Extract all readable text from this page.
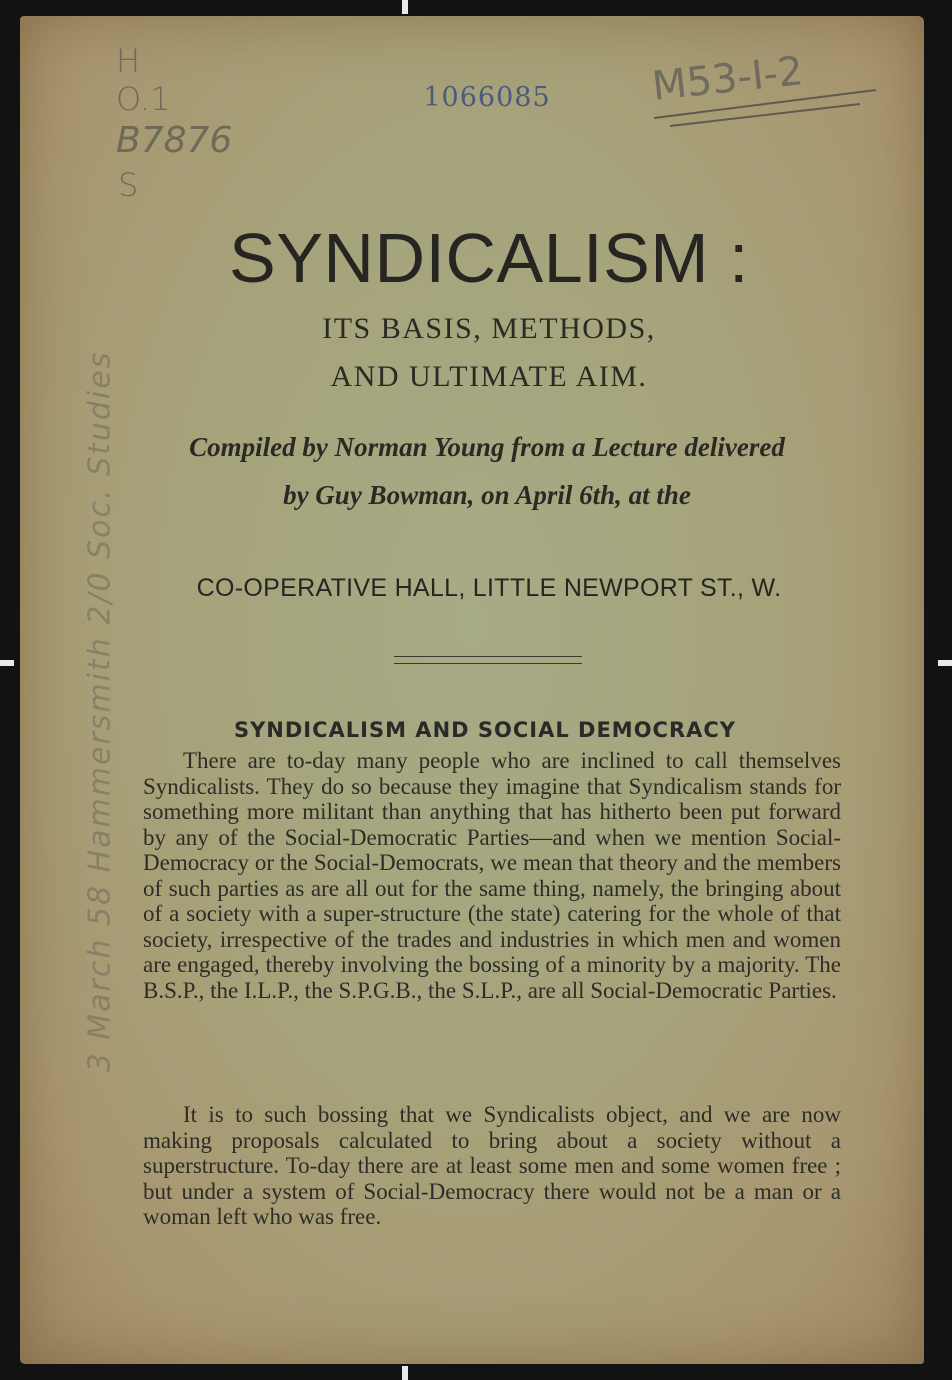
H
O.1
B7876
S
1066085	M53-I-2
3 March 58 Hammersmith 2/0 Soc. Studies
SYNDICALISM :
ITS BASIS, METHODS,
AND ULTIMATE AIM.
Compiled by Norman Young from a Lecture delivered
by Guy Bowman, on April 6th, at the
CO-OPERATIVE HALL, LITTLE NEWPORT ST., W.
SYNDICALISM AND SOCIAL DEMOCRACY

There are to-day many people who are inclined to call themselves Syndicalists. They do so because they imagine that Syndicalism stands for something more militant than anything that has hitherto been put forward by any of the Social-Democratic Parties—and when we mention Social-Democracy or the Social-Democrats, we mean that theory and the members of such parties as are all out for the same thing, namely, the bringing about of a society with a super-structure (the state) catering for the whole of that society, irrespective of the trades and industries in which men and women are engaged, thereby involving the bossing of a minority by a majority. The B.S.P., the I.L.P., the S.P.G.B., the S.L.P., are all Social-Democratic Parties.

It is to such bossing that we Syndicalists object, and we are now making proposals calculated to bring about a society without a superstructure. To-day there are at least some men and some women free ; but under a system of Social-Democracy there would not be a man or a woman left who was free.
